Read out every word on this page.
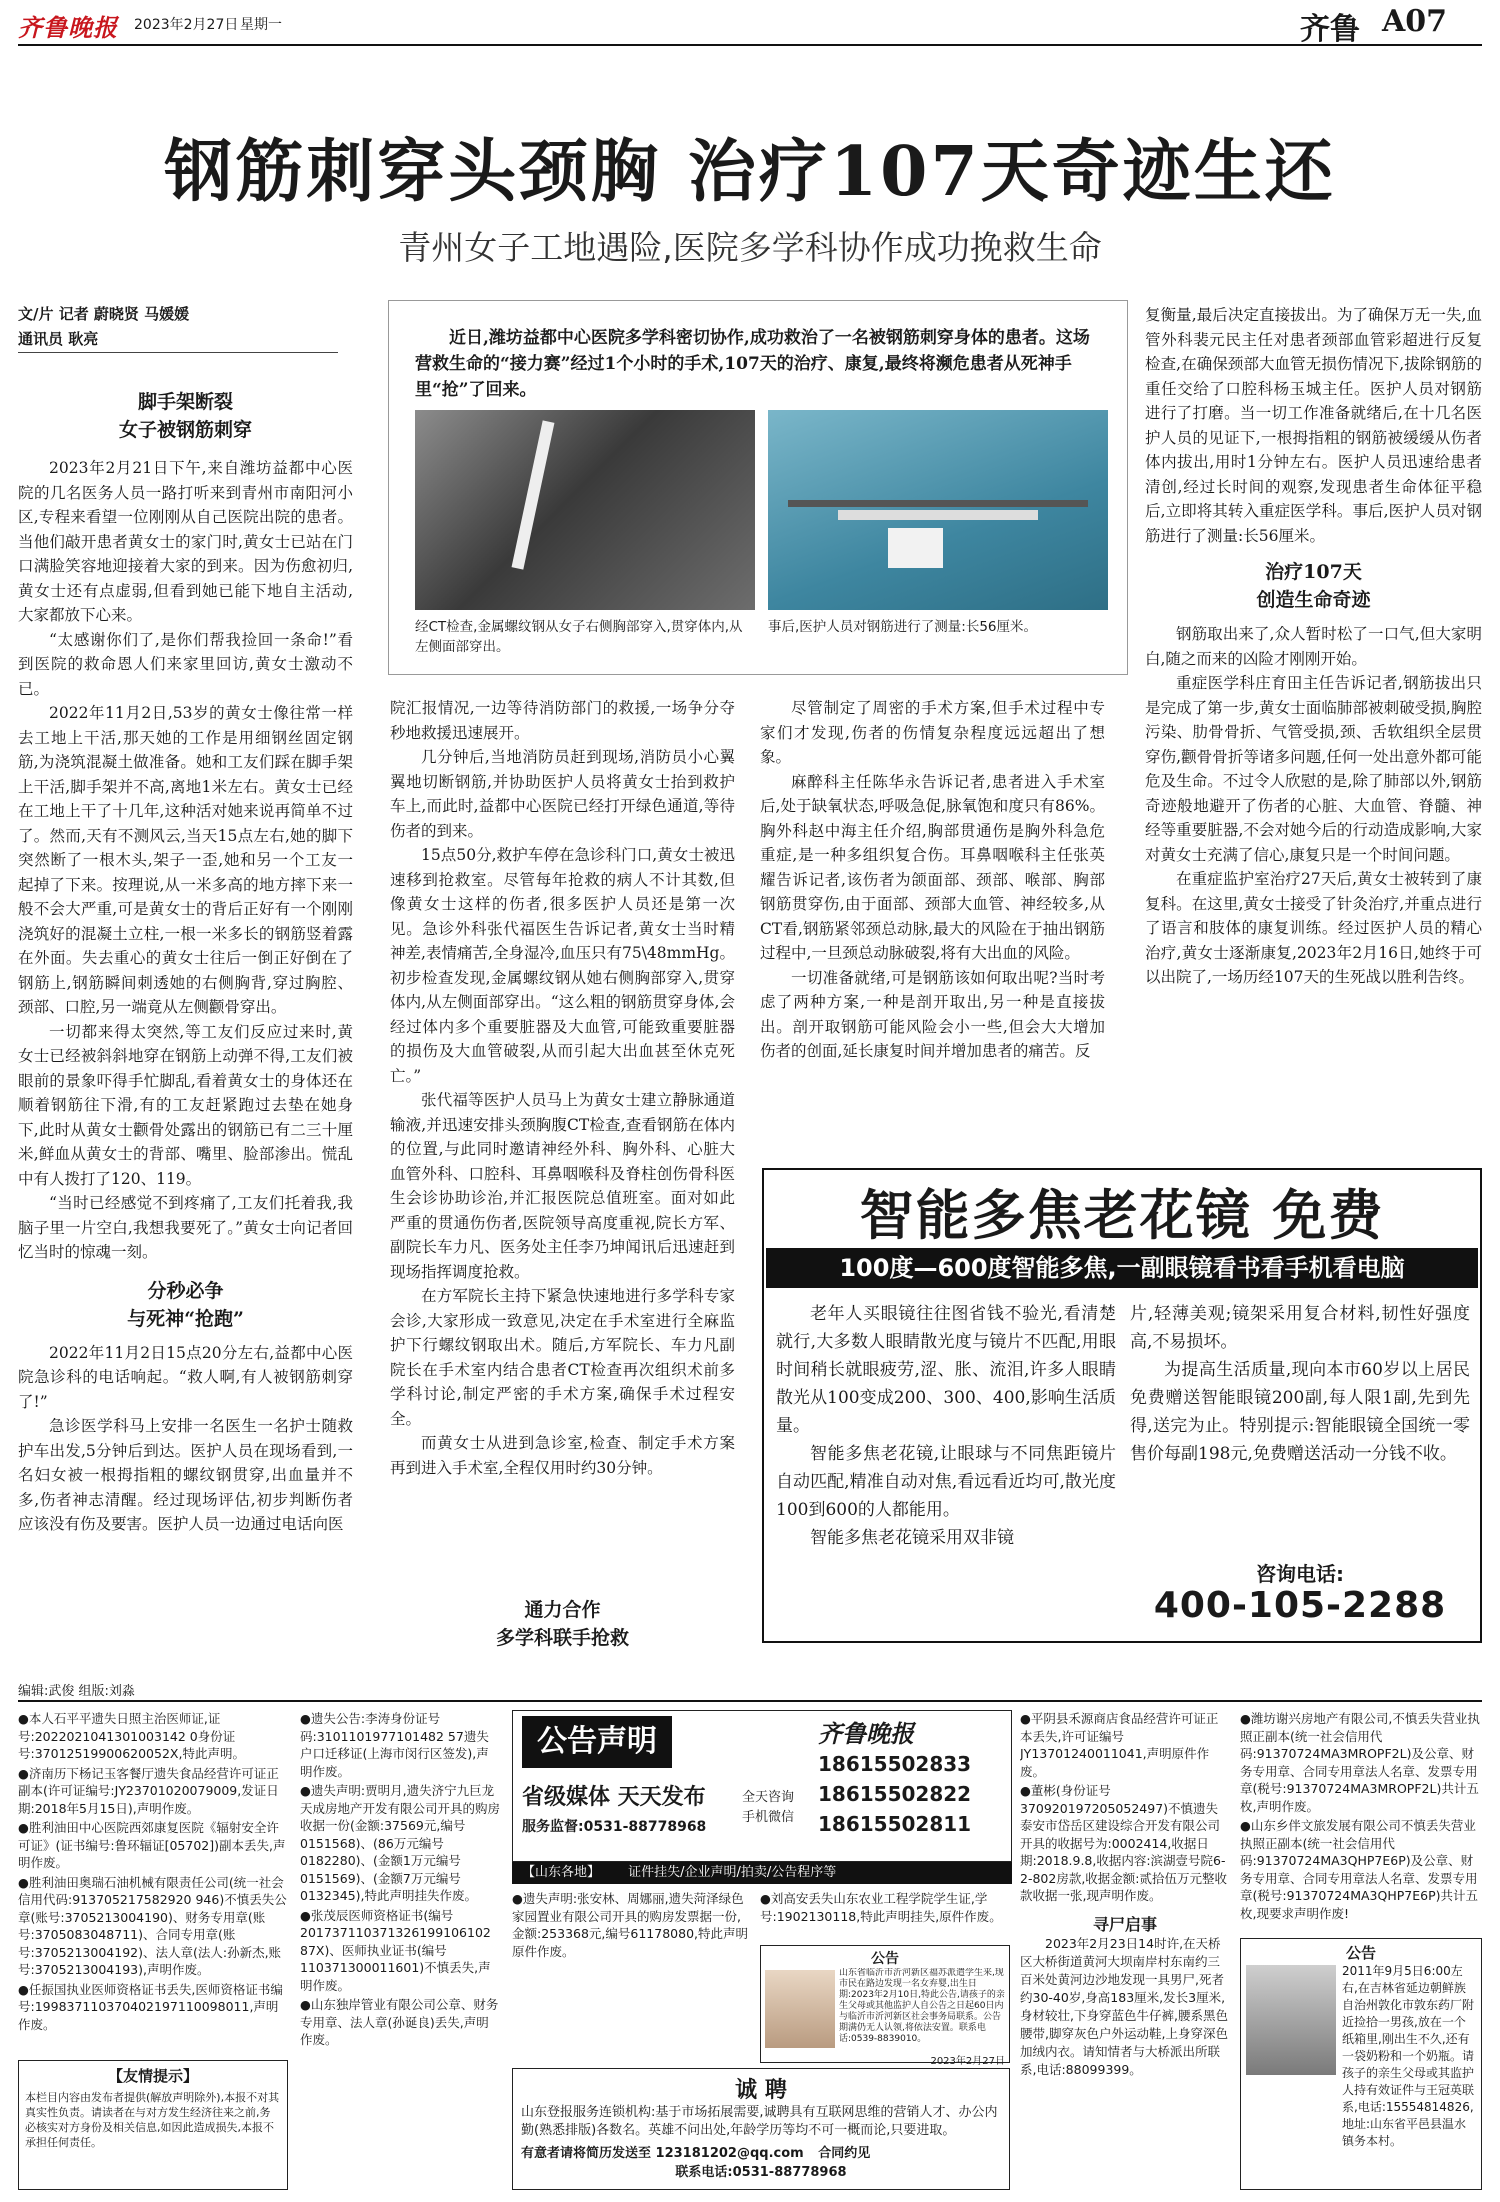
齐鲁晚报 2023年2月27日 星期一	齐鲁 A07
钢筋刺穿头颈胸 治疗107天奇迹生还
青州女子工地遇险,医院多学科协作成功挽救生命
文/片 记者 蔚晓贤 马媛媛
通讯员 耿亮	近日,潍坊益都中心医院多学科密切协作,成功救治了一名被钢筋刺穿身体的患者。这场营救生命的“接力赛”经过1个小时的手术,107天的治疗、康复,最终将濒危患者从死神手里“抢”了回来。
经CT检查,金属螺纹钢从女子右侧胸部穿入,贯穿体内,从左侧面部穿出。
事后,医护人员对钢筋进行了测量:长56厘米。
脚手架断裂
女子被钢筋刺穿

2023年2月21日下午,来自潍坊益都中心医院的几名医务人员一路打听来到青州市南阳河小区,专程来看望一位刚刚从自己医院出院的患者。当他们敲开患者黄女士的家门时,黄女士已站在门口满脸笑容地迎接着大家的到来。因为伤愈初归,黄女士还有点虚弱,但看到她已能下地自主活动,大家都放下心来。

“太感谢你们了,是你们帮我捡回一条命!”看到医院的救命恩人们来家里回访,黄女士激动不已。

2022年11月2日,53岁的黄女士像往常一样去工地上干活,那天她的工作是用细钢丝固定钢筋,为浇筑混凝土做准备。她和工友们踩在脚手架上干活,脚手架并不高,离地1米左右。黄女士已经在工地上干了十几年,这种活对她来说再简单不过了。然而,天有不测风云,当天15点左右,她的脚下突然断了一根木头,架子一歪,她和另一个工友一起掉了下来。按理说,从一米多高的地方摔下来一般不会大严重,可是黄女士的背后正好有一个刚刚浇筑好的混凝土立柱,一根一米多长的钢筋竖着露在外面。失去重心的黄女士往后一倒正好倒在了钢筋上,钢筋瞬间刺透她的右侧胸背,穿过胸腔、颈部、口腔,另一端竟从左侧颧骨穿出。

一切都来得太突然,等工友们反应过来时,黄女士已经被斜斜地穿在钢筋上动弹不得,工友们被眼前的景象吓得手忙脚乱,看着黄女士的身体还在顺着钢筋往下滑,有的工友赶紧跑过去垫在她身下,此时从黄女士颧骨处露出的钢筋已有二三十厘米,鲜血从黄女士的背部、嘴里、脸部渗出。慌乱中有人拨打了120、119。

“当时已经感觉不到疼痛了,工友们托着我,我脑子里一片空白,我想我要死了。”黄女士向记者回忆当时的惊魂一刻。

分秒必争
与死神“抢跑”

2022年11月2日15点20分左右,益都中心医院急诊科的电话响起。“救人啊,有人被钢筋刺穿了!”

急诊医学科马上安排一名医生一名护士随救护车出发,5分钟后到达。医护人员在现场看到,一名妇女被一根拇指粗的螺纹钢贯穿,出血量并不多,伤者神志清醒。经过现场评估,初步判断伤者应该没有伤及要害。医护人员一边通过电话向医

院汇报情况,一边等待消防部门的救援,一场争分夺秒地救援迅速展开。

几分钟后,当地消防员赶到现场,消防员小心翼翼地切断钢筋,并协助医护人员将黄女士抬到救护车上,而此时,益都中心医院已经打开绿色通道,等待伤者的到来。

15点50分,救护车停在急诊科门口,黄女士被迅速移到抢救室。尽管每年抢救的病人不计其数,但像黄女士这样的伤者,很多医护人员还是第一次见。急诊外科张代福医生告诉记者,黄女士当时精神差,表情痛苦,全身湿冷,血压只有75\48mmHg。初步检查发现,金属螺纹钢从她右侧胸部穿入,贯穿体内,从左侧面部穿出。“这么粗的钢筋贯穿身体,会经过体内多个重要脏器及大血管,可能致重要脏器的损伤及大血管破裂,从而引起大出血甚至休克死亡。”

张代福等医护人员马上为黄女士建立静脉通道输液,并迅速安排头颈胸腹CT检查,查看钢筋在体内的位置,与此同时邀请神经外科、胸外科、心脏大血管外科、口腔科、耳鼻咽喉科及脊柱创伤骨科医生会诊协助诊治,并汇报医院总值班室。面对如此严重的贯通伤伤者,医院领导高度重视,院长方军、副院长车力凡、医务处主任李乃坤闻讯后迅速赶到现场指挥调度抢救。

在方军院长主持下紧急快速地进行多学科专家会诊,大家形成一致意见,决定在手术室进行全麻监护下行螺纹钢取出术。随后,方军院长、车力凡副院长在手术室内结合患者CT检查再次组织术前多学科讨论,制定严密的手术方案,确保手术过程安全。

而黄女士从进到急诊室,检查、制定手术方案再到进入手术室,全程仅用时约30分钟。

通力合作
多学科联手抢救

尽管制定了周密的手术方案,但手术过程中专家们才发现,伤者的伤情复杂程度远远超出了想象。

麻醉科主任陈华永告诉记者,患者进入手术室后,处于缺氧状态,呼吸急促,脉氧饱和度只有86%。胸外科赵中海主任介绍,胸部贯通伤是胸外科急危重症,是一种多组织复合伤。耳鼻咽喉科主任张英耀告诉记者,该伤者为颌面部、颈部、喉部、胸部钢筋贯穿伤,由于面部、颈部大血管、神经较多,从CT看,钢筋紧邻颈总动脉,最大的风险在于抽出钢筋过程中,一旦颈总动脉破裂,将有大出血的风险。

一切准备就绪,可是钢筋该如何取出呢?当时考虑了两种方案,一种是剖开取出,另一种是直接拔出。剖开取钢筋可能风险会小一些,但会大大增加伤者的创面,延长康复时间并增加患者的痛苦。反

复衡量,最后决定直接拔出。为了确保万无一失,血管外科裴元民主任对患者颈部血管彩超进行反复检查,在确保颈部大血管无损伤情况下,拔除钢筋的重任交给了口腔科杨玉城主任。医护人员对钢筋进行了打磨。当一切工作准备就绪后,在十几名医护人员的见证下,一根拇指粗的钢筋被缓缓从伤者体内拔出,用时1分钟左右。医护人员迅速给患者清创,经过长时间的观察,发现患者生命体征平稳后,立即将其转入重症医学科。事后,医护人员对钢筋进行了测量:长56厘米。

治疗107天
创造生命奇迹

钢筋取出来了,众人暂时松了一口气,但大家明白,随之而来的凶险才刚刚开始。

重症医学科庄育田主任告诉记者,钢筋拔出只是完成了第一步,黄女士面临肺部被刺破受损,胸腔污染、肋骨骨折、气管受损,颈、舌软组织全层贯穿伤,颧骨骨折等诸多问题,任何一处出意外都可能危及生命。不过令人欣慰的是,除了肺部以外,钢筋奇迹般地避开了伤者的心脏、大血管、脊髓、神经等重要脏器,不会对她今后的行动造成影响,大家对黄女士充满了信心,康复只是一个时间问题。

在重症监护室治疗27天后,黄女士被转到了康复科。在这里,黄女士接受了针灸治疗,并重点进行了语言和肢体的康复训练。经过医护人员的精心治疗,黄女士逐渐康复,2023年2月16日,她终于可以出院了,一场历经107天的生死战以胜利告终。

智能多焦老花镜 免费
100度—600度智能多焦,一副眼镜看书看手机看电脑

老年人买眼镜往往图省钱不验光,看清楚就行,大多数人眼睛散光度与镜片不匹配,用眼时间稍长就眼疲劳,涩、胀、流泪,许多人眼睛散光从100变成200、300、400,影响生活质量。

智能多焦老花镜,让眼球与不同焦距镜片自动匹配,精准自动对焦,看远看近均可,散光度100到600的人都能用。

智能多焦老花镜采用双非镜

片,轻薄美观;镜架采用复合材料,韧性好强度高,不易损坏。

为提高生活质量,现向本市60岁以上居民免费赠送智能眼镜200副,每人限1副,先到先得,送完为止。特别提示:智能眼镜全国统一零售价每副198元,免费赠送活动一分钱不收。

咨询电话:
400-105-2288
编辑:武俊 组版:刘淼

●本人石平平遗失日照主治医师证,证号:2022021041301003142 0身份证号:37012519900620052X,特此声明。

●济南历下杨记玉客餐厅遗失食品经营许可证正副本(许可证编号:JY23701020079009,发证日期:2018年5月15日),声明作废。

●胜利油田中心医院西郊康复医院《辐射安全许可证》(证书编号:鲁环辐证[05702])副本丢失,声明作废。

●胜利油田奥瑞石油机械有限责任公司(统一社会信用代码:913705217582920 946)不慎丢失公章(账号:3705213004190)、财务专用章(账号:3705083048711)、合同专用章(账号:3705213004192)、法人章(法人:孙新杰,账号:3705213004193),声明作废。

●任振国执业医师资格证书丢失,医师资格证书编号:199837110370402197110098011,声明作废。

【友情提示】
本栏目内容由发布者提供(解放声明除外),本报不对其真实性负责。请读者在与对方发生经济往来之前,务必核实对方身份及相关信息,如因此造成损失,本报不承担任何责任。

●遗失公告:李涛身份证号码:3101101977101482 57遗失户口迁移证(上海市闵行区签发),声明作废。

●遗失声明:贾明月,遗失济宁九巨龙天成房地产开发有限公司开具的购房收据一份(金额:37569元,编号0151568)、(86万元编号0182280)、(金额1万元编号0151569)、(金额7万元编号0132345),特此声明挂失作废。

●张茂辰医师资格证书(编号201737110371326199106102 87X)、医师执业证书(编号110371300011601)不慎丢失,声明作废。

●山东独岸管业有限公司公章、财务专用章、法人章(孙诞良)丢失,声明作废。

公告声明	齐鲁晚报
省级媒体 天天发布
服务监督:0531-88778968
全天咨询
手机微信
18615502833
18615502822
18615502811
【山东各地】 证件挂失/企业声明/拍卖/公告程序等

●遗失声明:张安林、周娜丽,遗失菏泽绿色家园置业有限公司开具的购房发票据一份,金额:253368元,编号61178080,特此声明原件作废。

●刘高安丢失山东农业工程学院学生证,学号:1902130118,特此声明挂失,原件作废。

公告
山东省临沂市沂河新区福苏派遣学生来,现市民在路边发现一名女弃婴,出生日期:2023年2月10日,特此公告,请孩子的亲生父母或其他监护人自公告之日起60日内与临沂市沂河新区社会事务局联系。公告期满仍无人认领,将依法安置。联系电话:0539-8839010。
2023年2月27日
诚 聘
山东登报服务连锁机构:基于市场拓展需要,诚聘具有互联网思维的营销人才、办公内勤(熟悉排版)各数名。英雄不问出处,年龄学历等均不可一概而论,只要进取。
有意者请将简历发送至 123181202@qq.com 合同约见
联系电话:0531-88778968

●平阴县禾源商店食品经营许可证正本丢失,许可证编号JY13701240011041,声明原件作废。

●董彬(身份证号370920197205052497)不慎遗失泰安市岱岳区建设综合开发有限公司开具的收据号为:0002414,收据日期:2018.9.8,收据内容:滨湖壹号院6-2-802房款,收据金额:贰拾伍万元整收款收据一张,现声明作废。

寻尸启事
2023年2月23日14时许,在天桥区大桥街道黄河大坝南岸村东南约三百米处黄河边沙地发现一具男尸,死者约30-40岁,身高183厘米,发长3厘米,身材较壮,下身穿蓝色牛仔裤,腰系黑色腰带,脚穿灰色户外运动鞋,上身穿深色加绒内衣。请知情者与大桥派出所联系,电话:88099399。

●潍坊谢兴房地产有限公司,不慎丢失营业执照正副本(统一社会信用代码:91370724MA3MROPF2L)及公章、财务专用章、合同专用章法人名章、发票专用章(税号:91370724MA3MROPF2L)共计五枚,声明作废。

●山东乡伴文旅发展有限公司不慎丢失营业执照正副本(统一社会信用代码:91370724MA3QHP7E6P)及公章、财务专用章、合同专用章法人名章、发票专用章(税号:91370724MA3QHP7E6P)共计五枚,现要求声明作废!

公告
2011年9月5日6:00左右,在吉林省延边朝鲜族自治州敦化市敦东药厂附近捡拾一男孩,放在一个纸箱里,刚出生不久,还有一袋奶粉和一个奶瓶。请孩子的亲生父母或其监护人持有效证件与王冠英联系,电话:15554814826,地址:山东省平邑县温水镇务本村。
